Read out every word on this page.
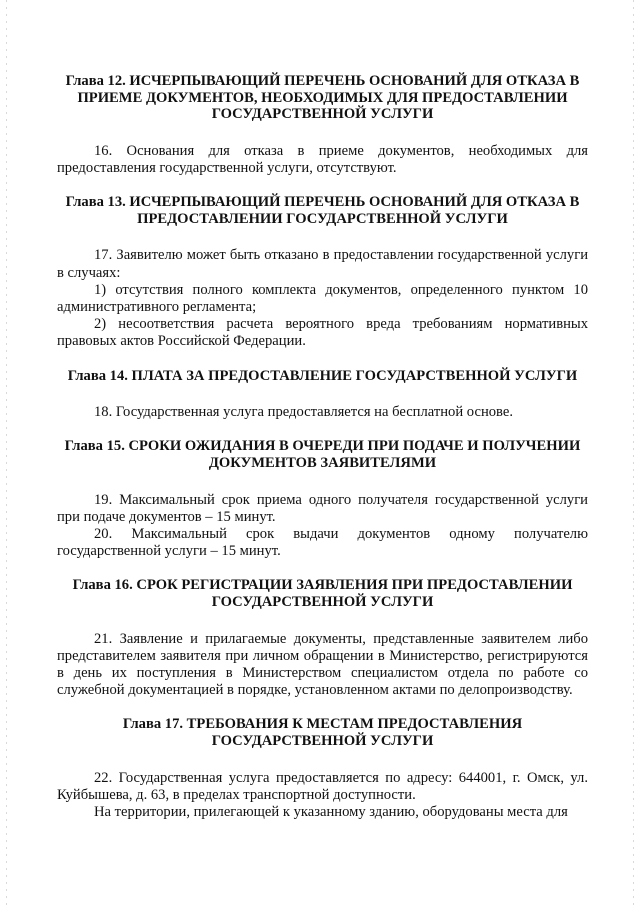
Глава 12. ИСЧЕРПЫВАЮЩИЙ ПЕРЕЧЕНЬ ОСНОВАНИЙ ДЛЯ ОТКАЗА В
ПРИЕМЕ ДОКУМЕНТОВ, НЕОБХОДИМЫХ ДЛЯ ПРЕДОСТАВЛЕНИИ
ГОСУДАРСТВЕННОЙ УСЛУГИ

16. Основания для отказа в приеме документов, необходимых для предоставления государственной услуги, отсутствуют.

Глава 13. ИСЧЕРПЫВАЮЩИЙ ПЕРЕЧЕНЬ ОСНОВАНИЙ ДЛЯ ОТКАЗА В
ПРЕДОСТАВЛЕНИИ ГОСУДАРСТВЕННОЙ УСЛУГИ

17. Заявителю может быть отказано в предоставлении государственной услуги в случаях:

1) отсутствия полного комплекта документов, определенного пунктом 10 административного регламента;

2) несоответствия расчета вероятного вреда требованиям нормативных правовых актов Российской Федерации.

Глава 14. ПЛАТА ЗА ПРЕДОСТАВЛЕНИЕ ГОСУДАРСТВЕННОЙ УСЛУГИ

18. Государственная услуга предоставляется на бесплатной основе.

Глава 15. СРОКИ ОЖИДАНИЯ В ОЧЕРЕДИ ПРИ ПОДАЧЕ И ПОЛУЧЕНИИ
ДОКУМЕНТОВ ЗАЯВИТЕЛЯМИ

19. Максимальный срок приема одного получателя государственной услуги при подаче документов – 15 минут.

20. Максимальный срок выдачи документов одному получателю государственной услуги – 15 минут.

Глава 16. СРОК РЕГИСТРАЦИИ ЗАЯВЛЕНИЯ ПРИ ПРЕДОСТАВЛЕНИИ
ГОСУДАРСТВЕННОЙ УСЛУГИ

21. Заявление и прилагаемые документы, представленные заявителем либо представителем заявителя при личном обращении в Министерство, регистрируются в день их поступления в Министерством специалистом отдела по работе со служебной документацией в порядке, установленном актами по делопроизводству.

Глава 17. ТРЕБОВАНИЯ К МЕСТАМ ПРЕДОСТАВЛЕНИЯ
ГОСУДАРСТВЕННОЙ УСЛУГИ

22. Государственная услуга предоставляется по адресу: 644001, г. Омск, ул. Куйбышева, д. 63, в пределах транспортной доступности.

На территории, прилегающей к указанному зданию, оборудованы места для
